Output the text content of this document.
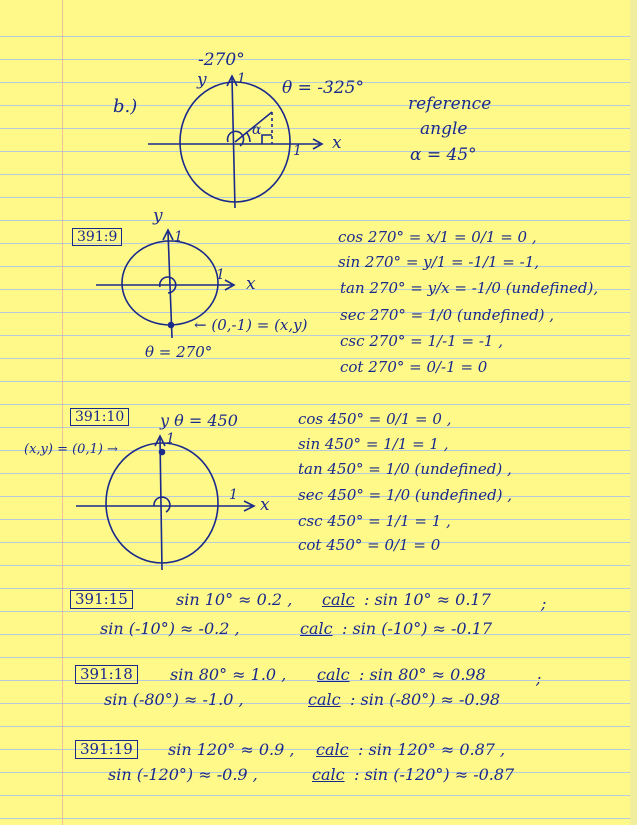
-270°
y 1 θ = -325°
b.)
α
1 x
reference
angle
α = 45°
391:9
y
1
1 x
← (0,-1) = (x,y)
θ = 270°
cos 270° = x/1 = 0/1 = 0 ,
sin 270° = y/1 = -1/1 = -1,
tan 270° = y/x = -1/0 (undefined),
sec 270° = 1/0 (undefined) ,
csc 270° = 1/-1 = -1 ,
cot 270° = 0/-1 = 0
391:10	y θ = 450
(x,y) = (0,1) →
1
1 x
cos 450° = 0/1 = 0 ,
sin 450° = 1/1 = 1 ,
tan 450° = 1/0 (undefined) ,
sec 450° = 1/0 (undefined) ,
csc 450° = 1/1 = 1 ,
cot 450° = 0/1 = 0
391:15	sin 10° ≈ 0.2 , calc : sin 10° ≈ 0.17	;
sin (-10°) ≈ -0.2 ,	calc : sin (-10°) ≈ -0.17
391:18	sin 80° ≈ 1.0 , calc : sin 80° ≈ 0.98	;
sin (-80°) ≈ -1.0 ,	calc : sin (-80°) ≈ -0.98
391:19	sin 120° ≈ 0.9 , calc : sin 120° ≈ 0.87 ,
sin (-120°) ≈ -0.9 ,	calc : sin (-120°) ≈ -0.87
